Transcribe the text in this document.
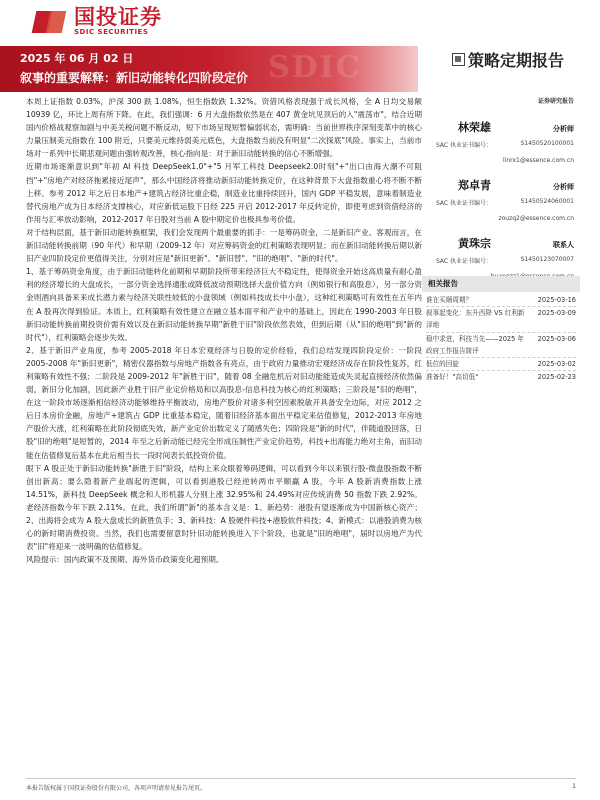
国投证券
SDIC SECURITIES
SDIC
2025 年 06 月 02 日
叙事的重要解释：新旧动能转化四阶段定价
策略定期报告

本周上证指数 0.03%，沪深 300 跌 1.08%，恒生指数跌 1.32%。资借风格表现强于成长风格，全 A 日均交易额 10939 亿，环比上周有所下降。在此，我们强调：6 月大盘指数依然是在 407 黄金坑见顶后的入"震荡市"，结合近期国内价格战观察加剧与中美关税问题不断反动，短下市场呈现短暂偏弱状态，需明确：当前世界秩序深刻变革中的核心力量压制美元指数在 100 附近，只要美元维持弱美元底色，大盘指数当前没有明显"二次探底"风险。事实上，当前市场对一系列中长期悲观问题由强转观改善，核心指向是：对于新旧动能转换的信心不断增强。

近期市场逐渐意识到"年初 AI 科技 DeepSeek1.0"+"5 月军工科技 Deepseek2.0时刻"+"出口由海大潮不可阻挡"+"房地产对经济拖累接近尾声"，那么中国经济将推动新旧动能转换定价，在这种背景下大盘指数重心将不断不断上移。参考 2012 年之后日本地产+建筑占经济比重企稳，制造业比重持续回升，国内 GDP 平稳发展，意味着制造业替代房地产成为日本经济支撑核心，对应新低运股下日经 225 开启 2012-2017 年反转定价，即使考虑到资借经济的作用与汇率放动影响，2012-2017 年日股对当前 A 股中期定价也极具参考价值。

对于结构层面，基于新旧动能转换框架，我们会发现两个最重要的抓手：一是筹码资金，二是新旧产业。客观而言，在新旧动能转换前期（90 年代）和早期（2009-12 年）对应筹码资金的红利策略表现明显；而在新旧动能转换后期以新旧产业四阶段定价更值得关注，分别对应是"新旧更新"、"新旧替"、"旧的绝唱"、"新的时代"。

1、基于筹码资金角度，由于新旧动能转化前期和早期阶段所带来经济巨大不稳定性，使得资金开始这高质量有耐心盈利的经济增长的大盘成长，一部分资金选择通胀或降低波动预期选择大盘价值方向（例如银行和高股息），另一部分资金则酒向具备来来成长潜力素与经济关联性较低的小盘领域（例如科技成长中小盘），这种红利策略可有效性在五年内在 A 股再次得到验证。本质上，红利策略有效性建立在融立基本面平和产业中的基础上，因此在 1990-2003 年日股新旧动能转换前期投资价需有效以及在新旧动能转换早期"新胜于旧"阶段依然表效，但到后期（从"旧的绝唱"到"新的时代"），红利策略会逐步失效。

2、基于新旧产业角度，参考 2005-2018 年日本宏观经济与日股的定价经验，我们总结发现四阶段定价：一阶段 2005-2008 年"新旧更新"，精密仪器指数与房地产指数各有亮点，由于政府力量推动宏观经济成存在阶段性复苏，红利策略有效性不强；二阶段是 2009-2012 年"新胜于旧"，随着 08 全融危机后对旧动能能造成失灵起直接经济依然偏弱，新旧分化加剧，因此新产业胜于旧产业定价格局和以高股息-信息科技为核心的红利策略；三阶段是"旧的绝唱"，在这一阶段市场逐渐相信经济动能够维持平衡波动，房地产股价对诸多利空因素脱敏开具备安全边际，对应 2012 之后日本房价金融，房地产+建筑占 GDP 比重基本稳定，随着旧经济基本面出平稳定来估值修复，2012-2013 年房地产股价大涨，红利策略在此阶段彻底失效，新产业定价出数定义了随感失色；四阶段是"新的时代"，伴随道股回落，日股"旧的绝唱"是短暂的，2014 年至之后新动能已经完全形成压制性产业定价趋势，科技+出海能力绝对主角，而旧动能在估值修复后基本在此后相当长一段时间表长低投资价值。

眼下 A 股正处于新旧动能转换"新胜于旧"阶段，结构上来众眼着筹码逻辑，可以看到今年以来银行股-微盘股指数不断创出新高；要么隐着新产业端起的逻辑，可以看到港股已经逆转两市平顺赢 A 股，今年 A 股新消费指数上涨 14.51%，新科技 DeepSeek 概念和人形机器人分别上涨 32.95%和 24.49%对应传统消费 50 指数下跌 2.92%。老经济指数今年下跌 2.11%。在此，我们所谓"新"的基本含义是：1、新趋势：港股有望逐渐成为中国新核心资产；2、出海将会成为 A 股大盘成长的新胜负手；3、新科技：A 股硬件科技+港股软件科技；4、新模式：以港股消费为核心的新时期消费投资。当然，我们也需要留意时针旧动能转换进入下个阶段，也就是"旧的绝唱"，届时以房地产为代表"旧"将迎来一波明确的估值修复。

风险提示：国内政策不及预期、海外货币政策变化超预期。

证券研究报告
林荣雄	分析师
SAC 执业证书编号：	S1450520100001
linrx1@essence.com.cn
郑卓青	分析师
SAC 执业证书编号：	S1450524060001
zouzq2@essence.com.cn
黄珠宗	联系人
SAC 执业证书编号：	S1450123070007
相关报告
谁在买顺周期？	2025-03-16
叙事起变化：东升西降 VS 红利新泽地
2025-03-09
稳中求进，科技当先——2025 年政府工作报告简评
2025-03-06
低位的回旋	2025-03-02
准备好！"高切低"	2025-02-23
本报告版权属于国投证券股份有限公司，各项声明请参见报告尾页。	1
